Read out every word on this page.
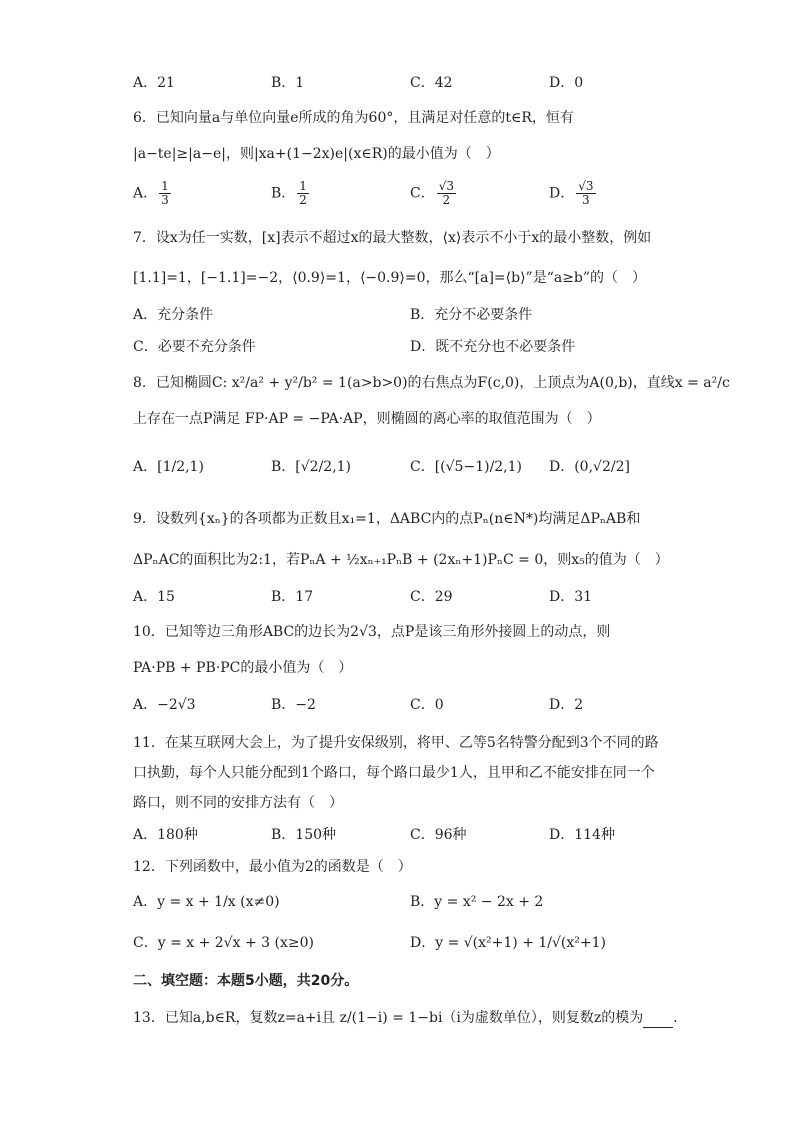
A．21	B．1	C．42	D．0
6．已知向量a与单位向量e所成的角为60°，且满足对任意的t∈R，恒有
|a−te|≥|a−e|，则|xa+(1−2x)e|(x∈R)的最小值为（　）
A． $\frac{1}{3}$	B． $\frac{1}{2}$	C． $\frac{√3}{2}$	D． $\frac{√3}{3}$
7．设x为任一实数，[x]表示不超过x的最大整数，⟨x⟩表示不小于x的最小整数，例如
[1.1]=1，[−1.1]=−2，⟨0.9⟩=1，⟨−0.9⟩=0，那么“[a]=⟨b⟩”是“a≥b”的（　）
A．充分条件	B．充分不必要条件
C．必要不充分条件	D．既不充分也不必要条件
8．已知椭圆C: x²/a² + y²/b² = 1(a>b>0)的右焦点为F(c,0)，上顶点为A(0,b)，直线x = a²/c
上存在一点P满足 FP·AP = −PA·AP，则椭圆的离心率的取值范围为（　）
A．[1/2,1)	B．[√2/2,1)	C．[(√5−1)/2,1) D．(0,√2/2]
9．设数列{xₙ}的各项都为正数且x₁=1，ΔABC内的点Pₙ(n∈N*)均满足ΔPₙAB和
ΔPₙAC的面积比为2:1，若PₙA + ½xₙ₊₁PₙB + (2xₙ+1)PₙC = 0，则x₅的值为（　）
A．15	B．17	C．29	D．31
10．已知等边三角形ABC的边长为2√3，点P是该三角形外接圆上的动点，则
PA·PB + PB·PC的最小值为（　）
A．−2√3	B．−2	C．0	D．2
11．在某互联网大会上，为了提升安保级别，将甲、乙等5名特警分配到3个不同的路
口执勤，每个人只能分配到1个路口，每个路口最少1人，且甲和乙不能安排在同一个
路口，则不同的安排方法有（　）
A．180种	B．150种	C．96种	D．114种
12．下列函数中，最小值为2的函数是（　）
A．y = x + 1/x (x≠0)	B．y = x² − 2x + 2
C．y = x + 2√x + 3 (x≥0)	D．y = √(x²+1) + 1/√(x²+1)
二、填空题：本题5小题，共20分。
13．已知a,b∈R，复数z=a+i且 z/(1−i) = 1−bi（i为虚数单位），则复数z的模为 ．
